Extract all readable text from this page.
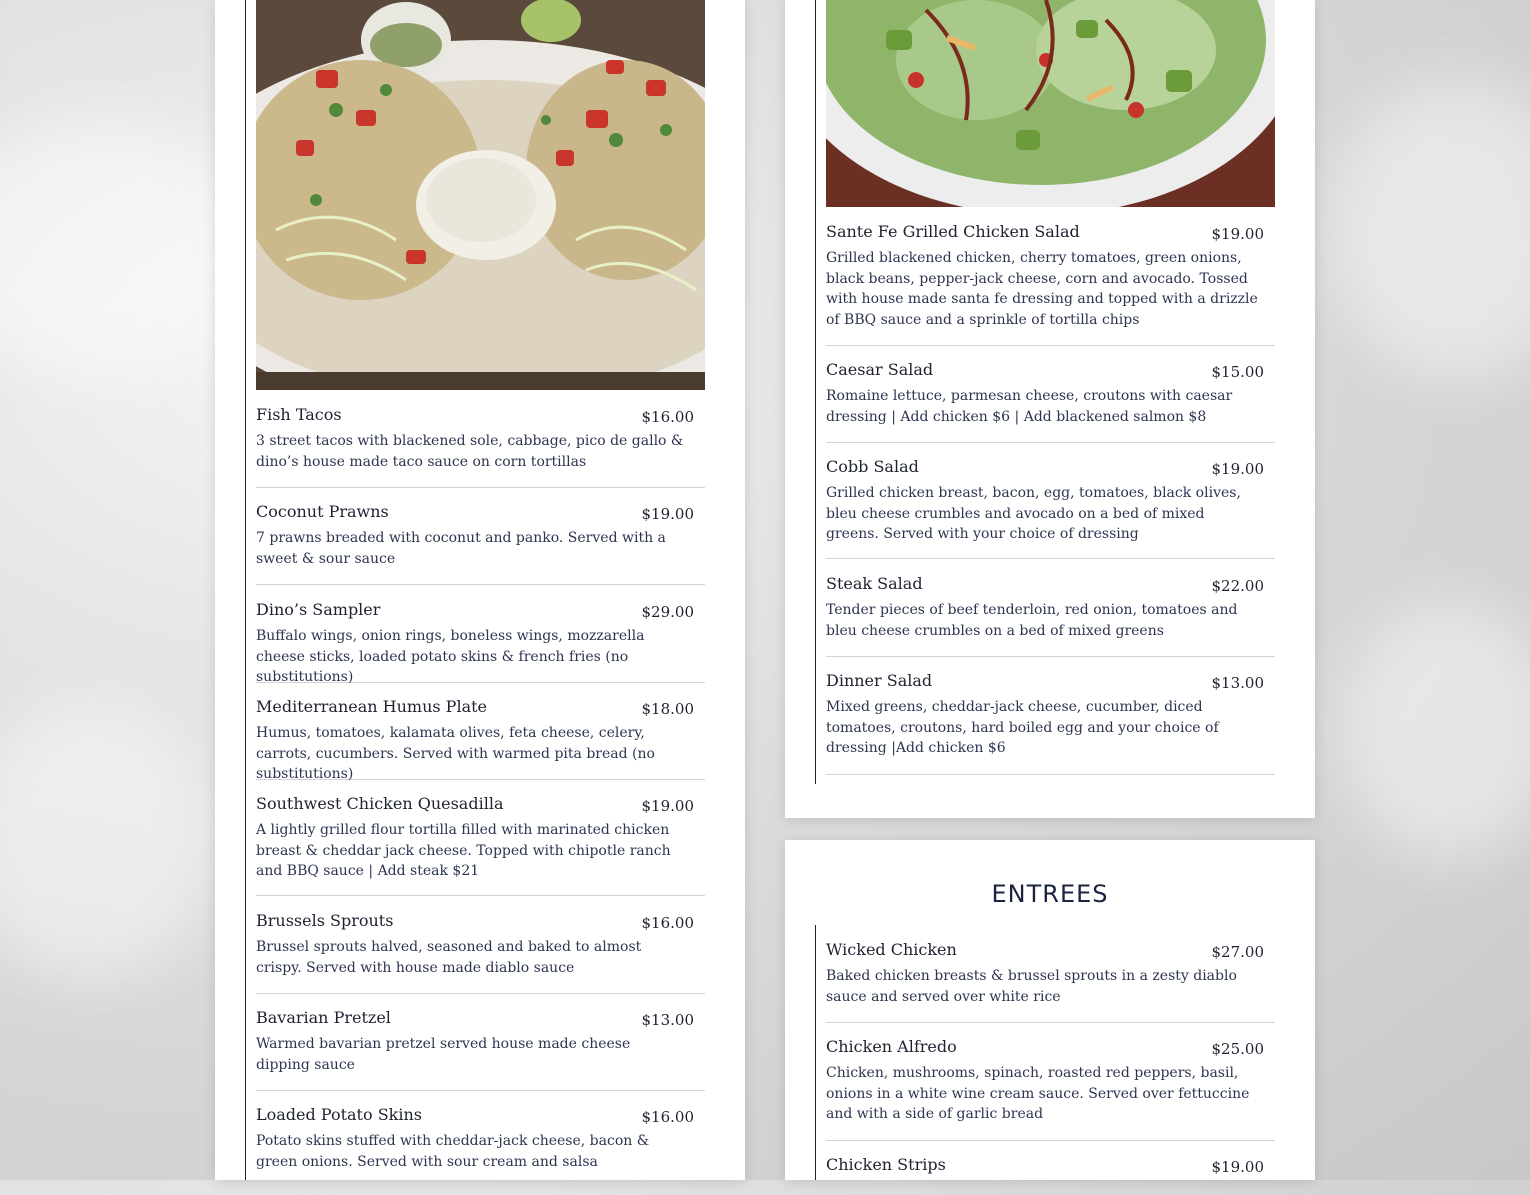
ENTREES
Fish Tacos	$16.00
3 street tacos with blackened sole, cabbage, pico de gallo & dino’s house made taco sauce on corn tortillas
Coconut Prawns	$19.00
7 prawns breaded with coconut and panko. Served with a sweet & sour sauce
Dino’s Sampler	$29.00
Buffalo wings, onion rings, boneless wings, mozzarella cheese sticks, loaded potato skins & french fries (no substitutions)
Mediterranean Humus Plate	$18.00
Humus, tomatoes, kalamata olives, feta cheese, celery, carrots, cucumbers. Served with warmed pita bread (no substitutions)
Southwest Chicken Quesadilla	$19.00
A lightly grilled flour tortilla filled with marinated chicken breast & cheddar jack cheese. Topped with chipotle ranch and BBQ sauce | Add steak $21
Brussels Sprouts	$16.00
Brussel sprouts halved, seasoned and baked to almost crispy. Served with house made diablo sauce
Bavarian Pretzel	$13.00
Warmed bavarian pretzel served house made cheese dipping sauce
Loaded Potato Skins	$16.00
Potato skins stuffed with cheddar-jack cheese, bacon & green onions. Served with sour cream and salsa
Sante Fe Grilled Chicken Salad	$19.00
Grilled blackened chicken, cherry tomatoes, green onions, black beans, pepper-jack cheese, corn and avocado. Tossed with house made santa fe dressing and topped with a drizzle of BBQ sauce and a sprinkle of tortilla chips
Caesar Salad	$15.00
Romaine lettuce, parmesan cheese, croutons with caesar dressing | Add chicken $6 | Add blackened salmon $8
Cobb Salad	$19.00
Grilled chicken breast, bacon, egg, tomatoes, black olives, bleu cheese crumbles and avocado on a bed of mixed greens. Served with your choice of dressing
Steak Salad	$22.00
Tender pieces of beef tenderloin, red onion, tomatoes and bleu cheese crumbles on a bed of mixed greens
Dinner Salad	$13.00
Mixed greens, cheddar-jack cheese, cucumber, diced tomatoes, croutons, hard boiled egg and your choice of dressing |Add chicken $6
Wicked Chicken	$27.00
Baked chicken breasts & brussel sprouts in a zesty diablo sauce and served over white rice
Chicken Alfredo	$25.00
Chicken, mushrooms, spinach, roasted red peppers, basil, onions in a white wine cream sauce. Served over fettuccine and with a side of garlic bread
Chicken Strips	$19.00
